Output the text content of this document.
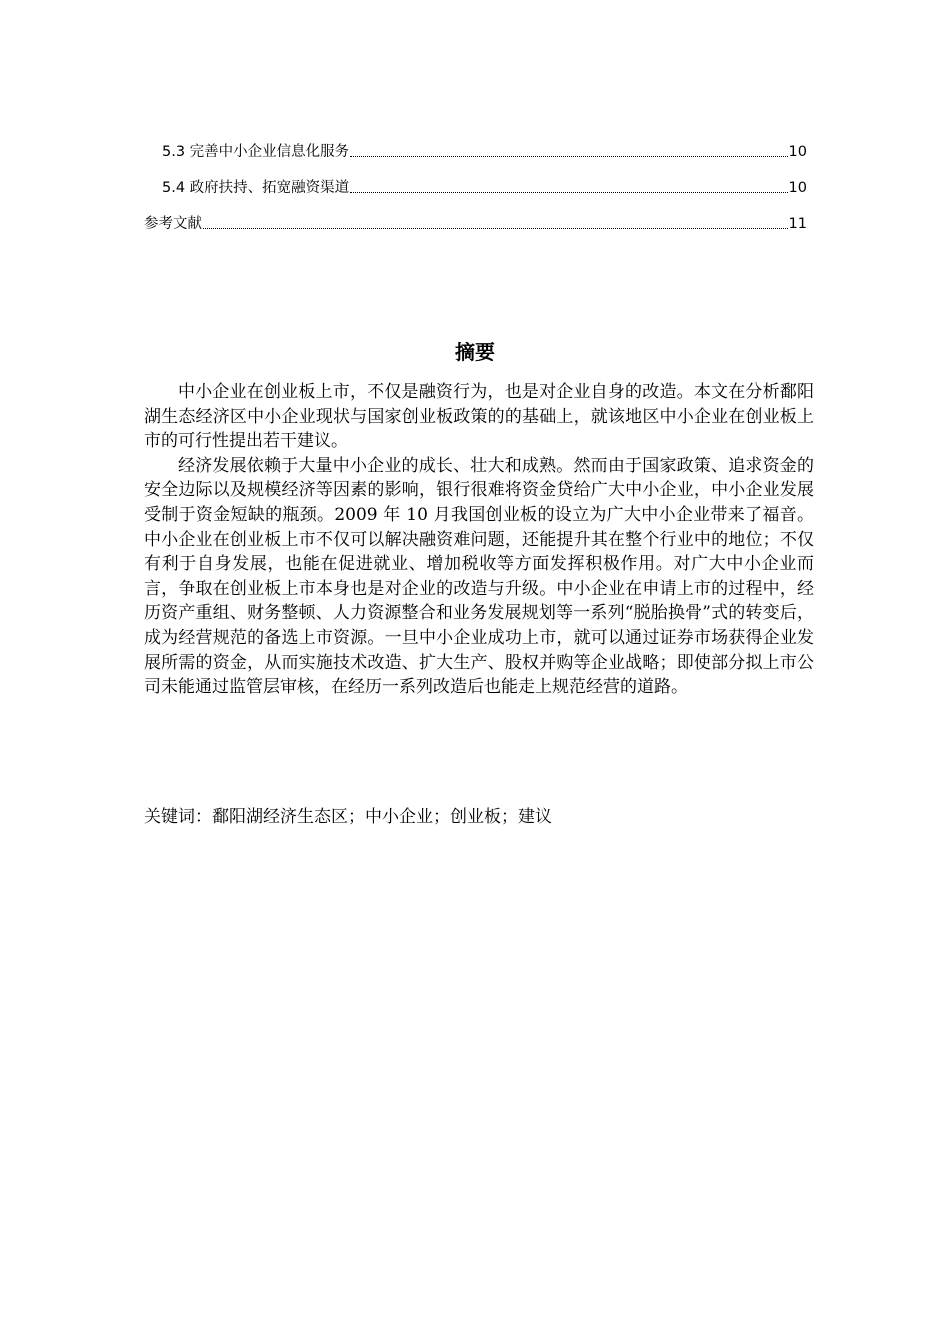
5.3 完善中小企业信息化服务	10
5.4 政府扶持、拓宽融资渠道	10
参考文献	11
摘要

中小企业在创业板上市，不仅是融资行为，也是对企业自身的改造。本文在分析鄱阳湖生态经济区中小企业现状与国家创业板政策的的基础上，就该地区中小企业在创业板上市的可行性提出若干建议。

经济发展依赖于大量中小企业的成长、壮大和成熟。然而由于国家政策、追求资金的安全边际以及规模经济等因素的影响，银行很难将资金贷给广大中小企业，中小企业发展受制于资金短缺的瓶颈。2009 年 10 月我国创业板的设立为广大中小企业带来了福音。中小企业在创业板上市不仅可以解决融资难问题，还能提升其在整个行业中的地位；不仅有利于自身发展，也能在促进就业、增加税收等方面发挥积极作用。对广大中小企业而言，争取在创业板上市本身也是对企业的改造与升级。中小企业在申请上市的过程中，经历资产重组、财务整顿、人力资源整合和业务发展规划等一系列“脱胎换骨”式的转变后，成为经营规范的备选上市资源。一旦中小企业成功上市，就可以通过证券市场获得企业发展所需的资金，从而实施技术改造、扩大生产、股权并购等企业战略；即使部分拟上市公司未能通过监管层审核，在经历一系列改造后也能走上规范经营的道路。

关键词：鄱阳湖经济生态区；中小企业；创业板；建议
